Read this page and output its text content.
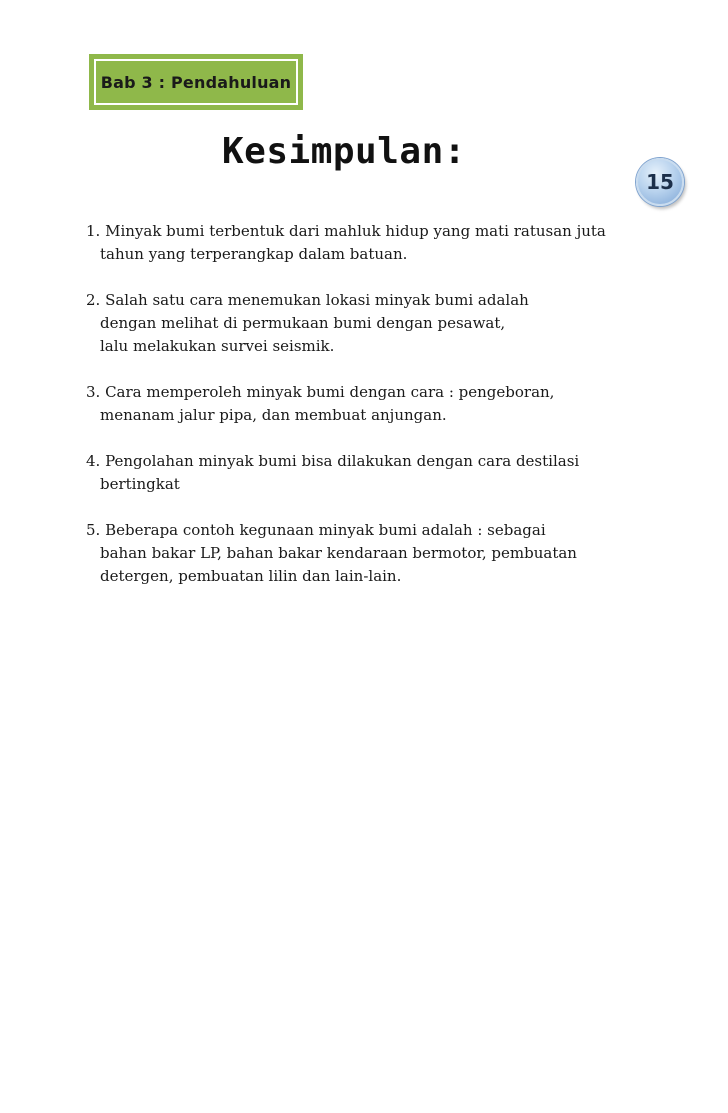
Bab 3 : Pendahuluan
Kesimpulan:
15
1. Minyak bumi terbentuk dari mahluk hidup yang mati ratusan juta
tahun yang terperangkap dalam batuan.
2. Salah satu cara menemukan lokasi minyak bumi adalah
dengan melihat di permukaan bumi dengan pesawat,
lalu melakukan survei seismik.
3. Cara memperoleh minyak bumi dengan cara : pengeboran,
menanam jalur pipa, dan membuat anjungan.
4. Pengolahan minyak bumi bisa dilakukan dengan cara destilasi
bertingkat
5. Beberapa contoh kegunaan minyak bumi adalah : sebagai
bahan bakar LP, bahan bakar kendaraan bermotor, pembuatan
detergen, pembuatan lilin dan lain-lain.
